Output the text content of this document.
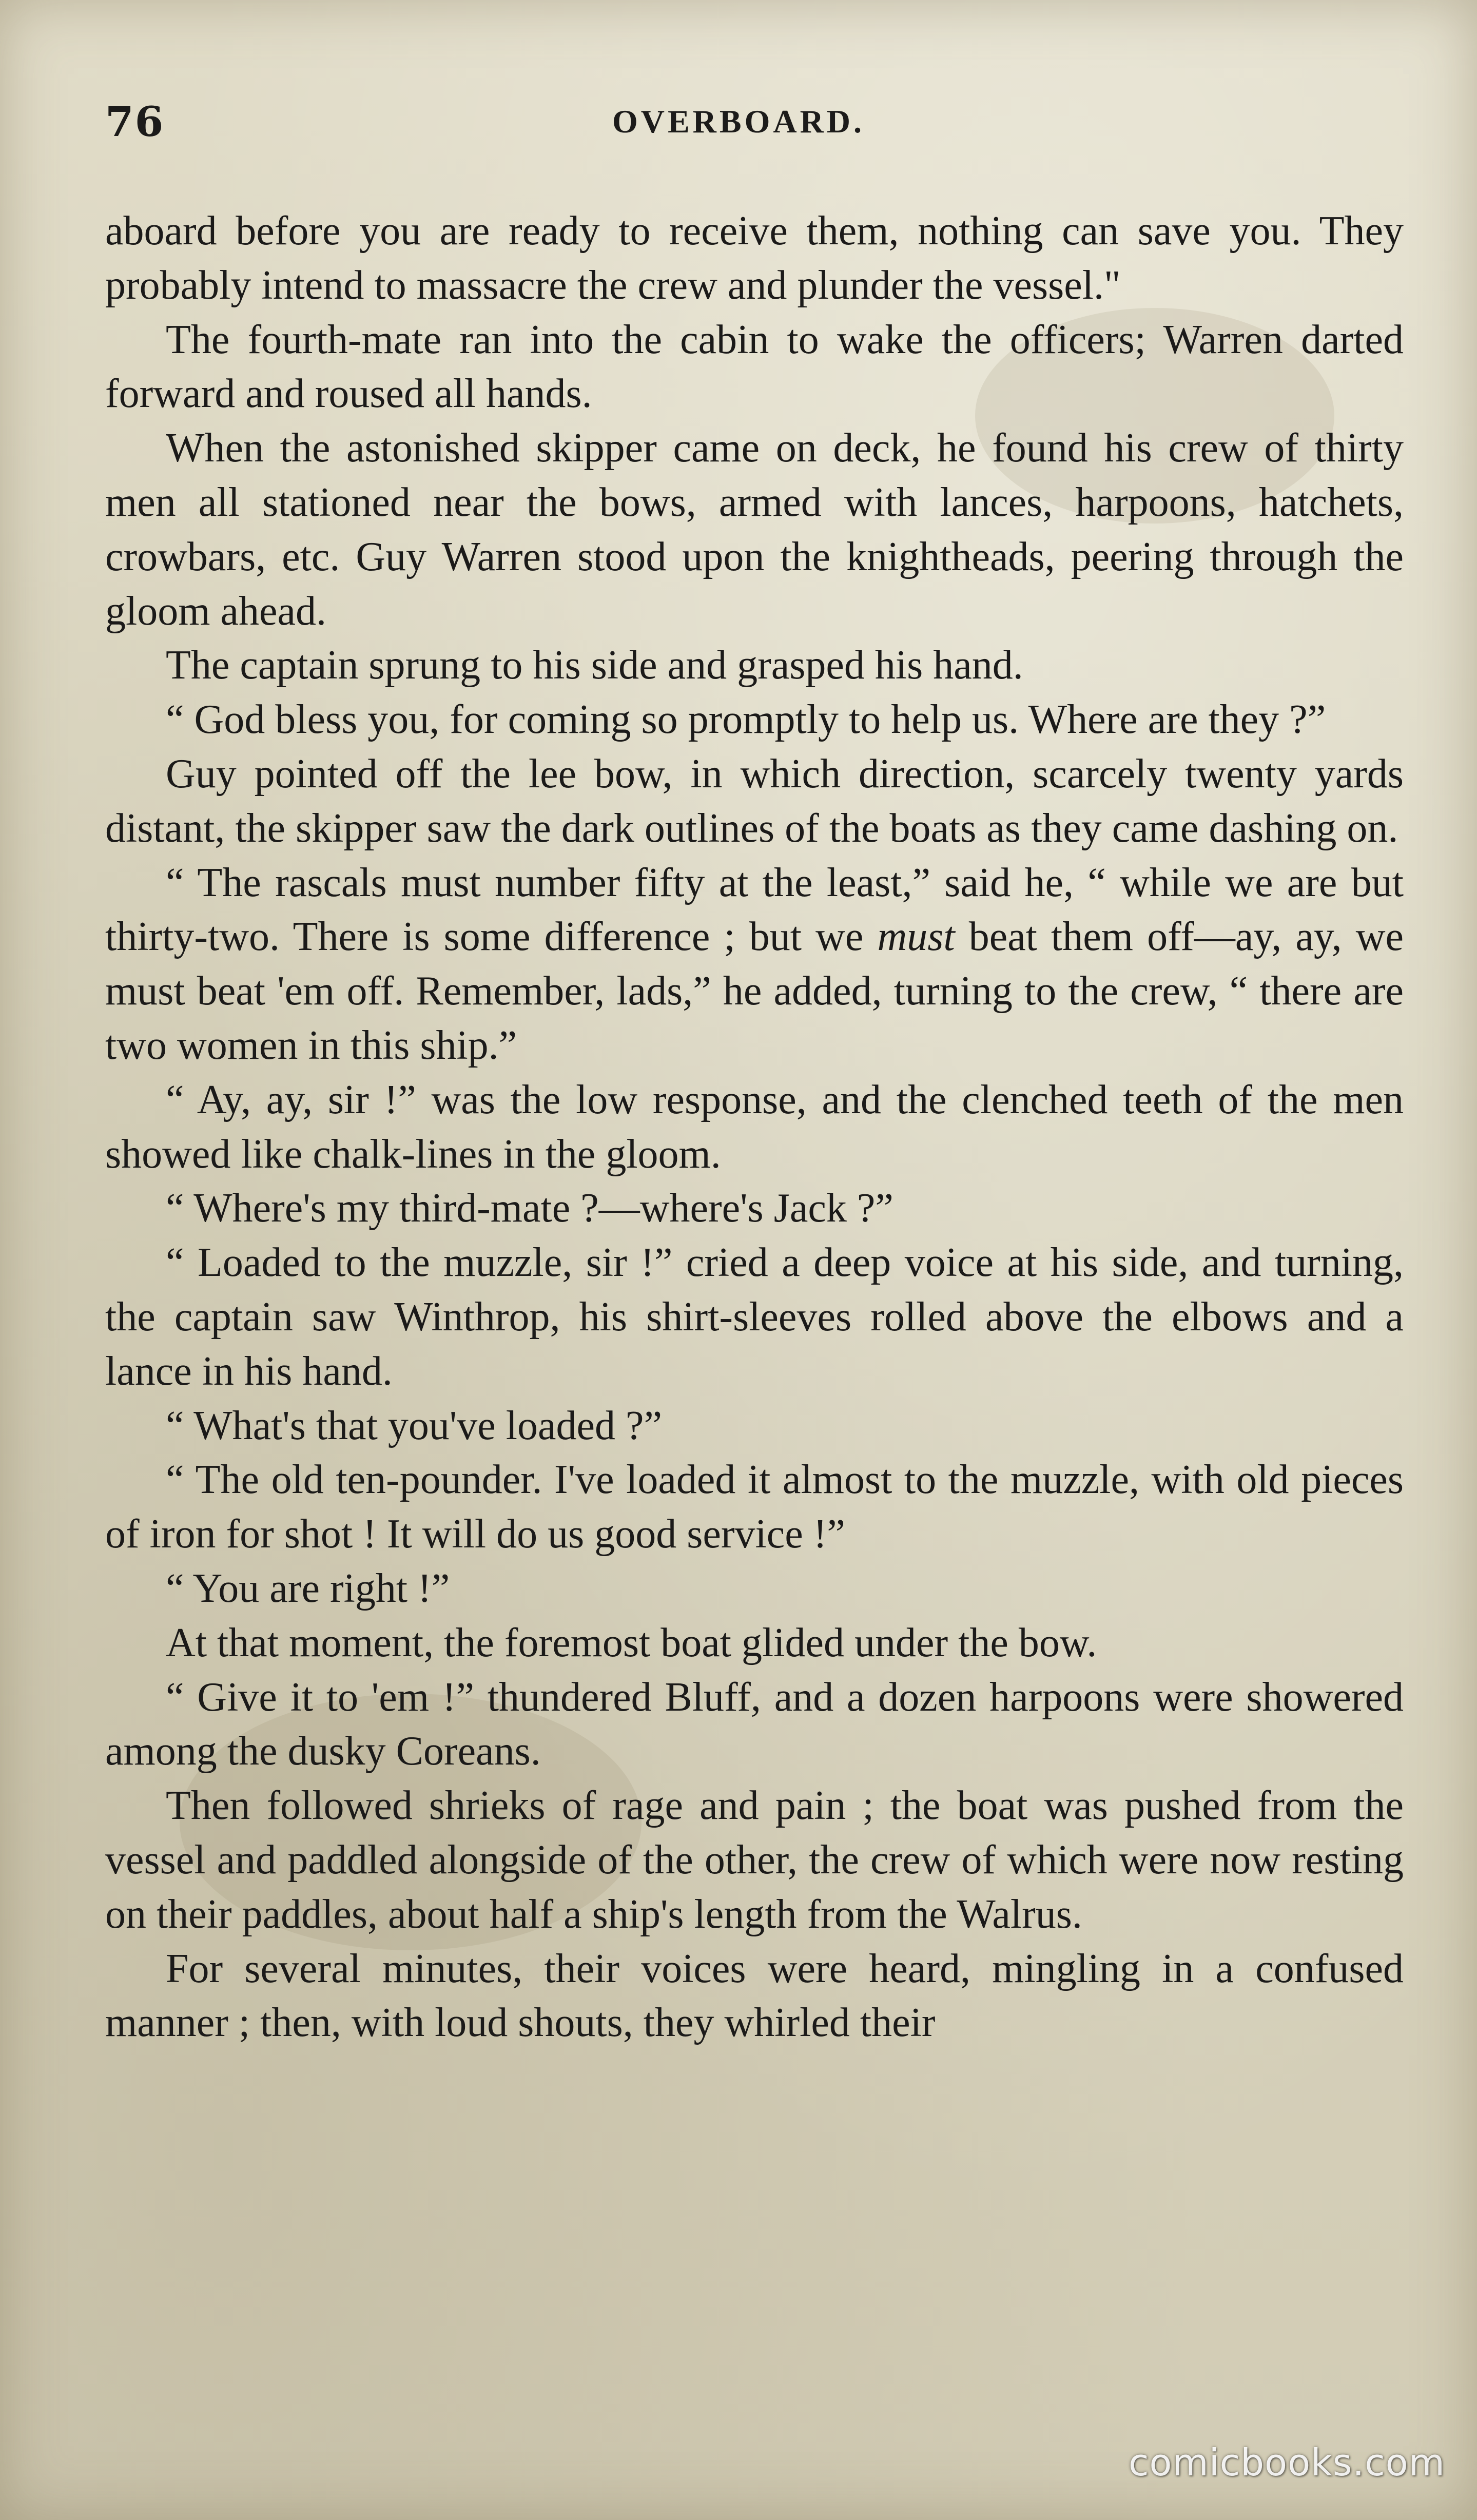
76	OVERBOARD.

aboard before you are ready to receive them, nothing can save you. They probably intend to massacre the crew and plunder the vessel."

The fourth-mate ran into the cabin to wake the officers; Warren darted forward and roused all hands.

When the astonished skipper came on deck, he found his crew of thirty men all stationed near the bows, armed with lances, harpoons, hatchets, crowbars, etc. Guy Warren stood upon the knightheads, peering through the gloom ahead.

The captain sprung to his side and grasped his hand.

“ God bless you, for coming so promptly to help us. Where are they ?”

Guy pointed off the lee bow, in which direction, scarcely twenty yards distant, the skipper saw the dark outlines of the boats as they came dashing on.

“ The rascals must number fifty at the least,” said he, “ while we are but thirty-two. There is some difference ; but we must beat them off—ay, ay, we must beat 'em off. Remember, lads,” he added, turning to the crew, “ there are two women in this ship.”

“ Ay, ay, sir !” was the low response, and the clenched teeth of the men showed like chalk-lines in the gloom.

“ Where's my third-mate ?—where's Jack ?”

“ Loaded to the muzzle, sir !” cried a deep voice at his side, and turning, the captain saw Winthrop, his shirt-sleeves rolled above the elbows and a lance in his hand.

“ What's that you've loaded ?”

“ The old ten-pounder. I've loaded it almost to the muzzle, with old pieces of iron for shot ! It will do us good service !”

“ You are right !”

At that moment, the foremost boat glided under the bow.

“ Give it to 'em !” thundered Bluff, and a dozen harpoons were showered among the dusky Coreans.

Then followed shrieks of rage and pain ; the boat was pushed from the vessel and paddled alongside of the other, the crew of which were now resting on their paddles, about half a ship's length from the Walrus.

For several minutes, their voices were heard, mingling in a confused manner ; then, with loud shouts, they whirled their

comicbooks.com
